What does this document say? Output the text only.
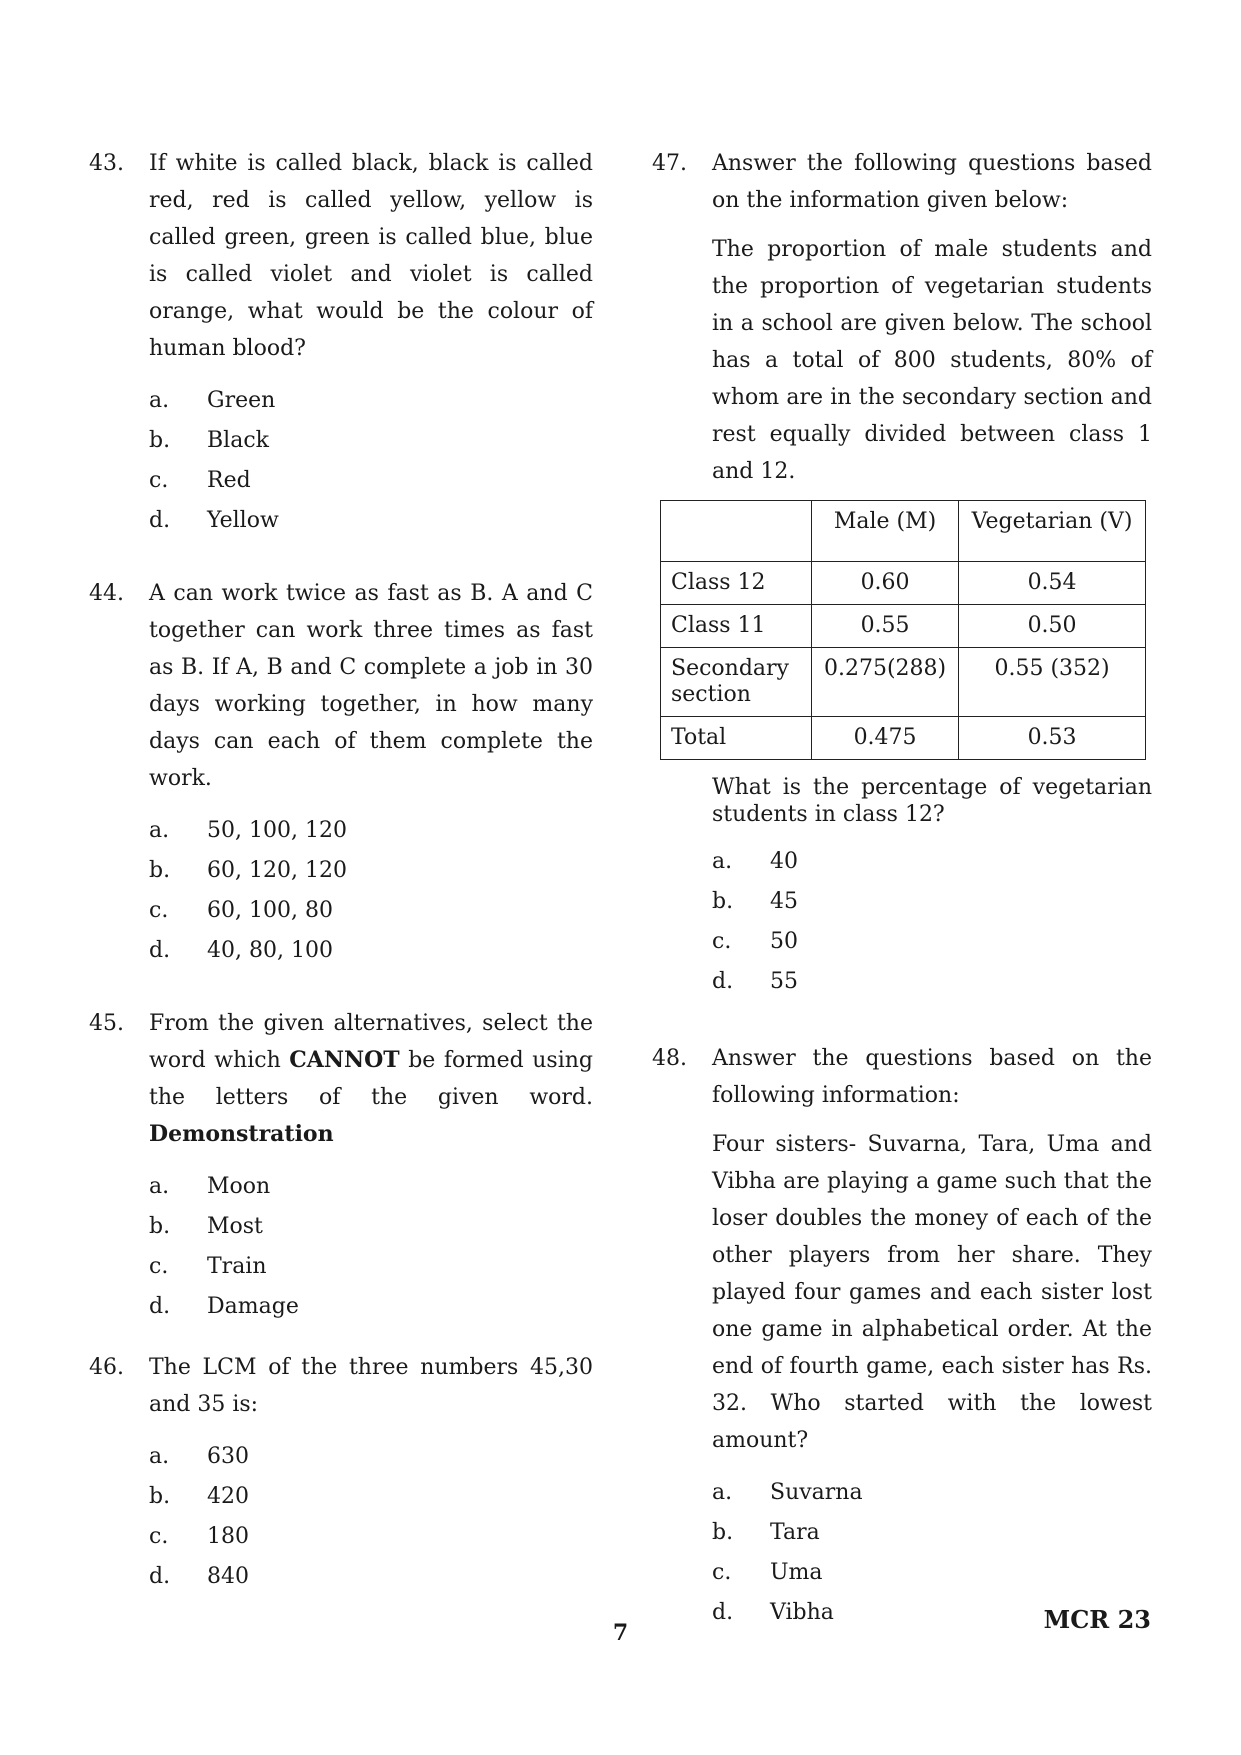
43. If white is called black, black is called red, red is called yellow, yellow is called green, green is called blue, blue is called violet and violet is called orange, what would be the colour of human blood?
a. Green
b. Black
c. Red
d. Yellow
44. A can work twice as fast as B. A and C together can work three times as fast as B. If A, B and C complete a job in 30 days working together, in how many days can each of them complete the work.
a. 50, 100, 120
b. 60, 120, 120
c. 60, 100, 80
d. 40, 80, 100
45. From the given alternatives, select the word which CANNOT be formed using the letters of the given word. Demonstration
a. Moon
b. Most
c. Train
d. Damage
46. The LCM of the three numbers 45,30 and 35 is:
a. 630
b. 420
c. 180
d. 840
47. Answer the following questions based on the information given below:
The proportion of male students and the proportion of vegetarian students in a school are given below. The school has a total of 800 students, 80% of whom are in the secondary section and rest equally divided between class 1 and 12.
	Male (M)	Vegetarian (V)
Class 12	0.60	0.54
Class 11	0.55	0.50
Secondary section	0.275(288)	0.55 (352)
Total	0.475	0.53
What is the percentage of vegetarian students in class 12?
a. 40
b. 45
c. 50
d. 55
48. Answer the questions based on the following information:
Four sisters- Suvarna, Tara, Uma and Vibha are playing a game such that the loser doubles the money of each of the other players from her share. They played four games and each sister lost one game in alphabetical order. At the end of fourth game, each sister has Rs. 32. Who started with the lowest amount?
a. Suvarna
b. Tara
c. Uma
d. Vibha	MCR 23
7
